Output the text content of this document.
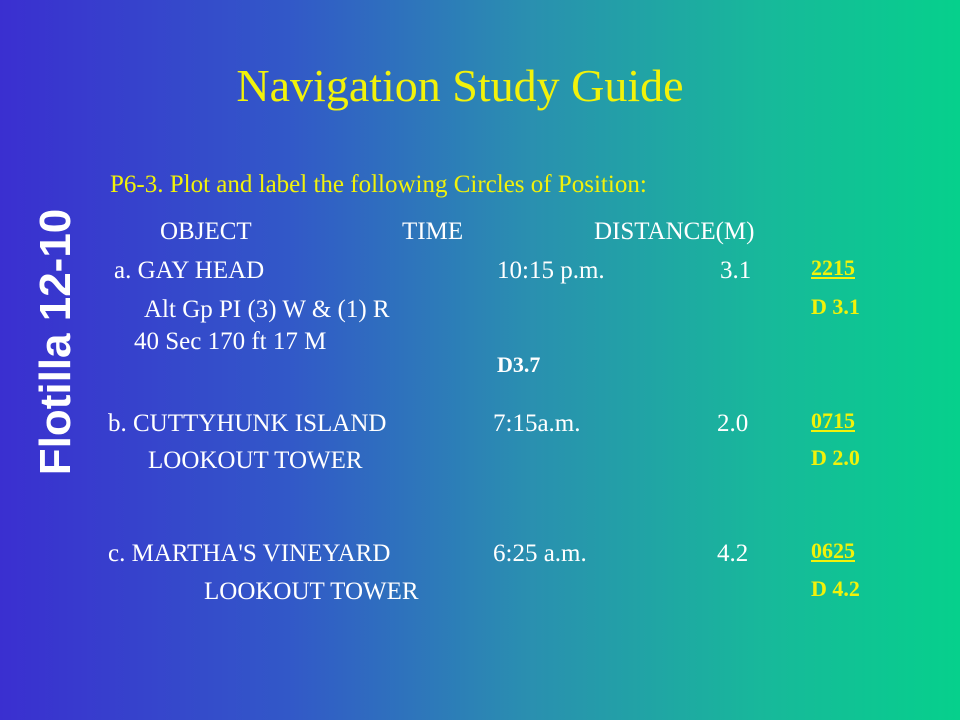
Navigation Study Guide
Flotilla 12-10
P6-3. Plot and label the following Circles of Position:
OBJECT	TIME	DISTANCE(M)
a. GAY HEAD
Alt Gp PI (3) W & (1) R
40 Sec 170 ft 17 M
10:15 p.m.	3.1	2215
D 3.1
D3.7
b. CUTTYHUNK ISLAND
LOOKOUT TOWER
7:15a.m.	2.0	0715
D 2.0
c. MARTHA'S VINEYARD
LOOKOUT TOWER
6:25 a.m.	4.2	0625
D 4.2
